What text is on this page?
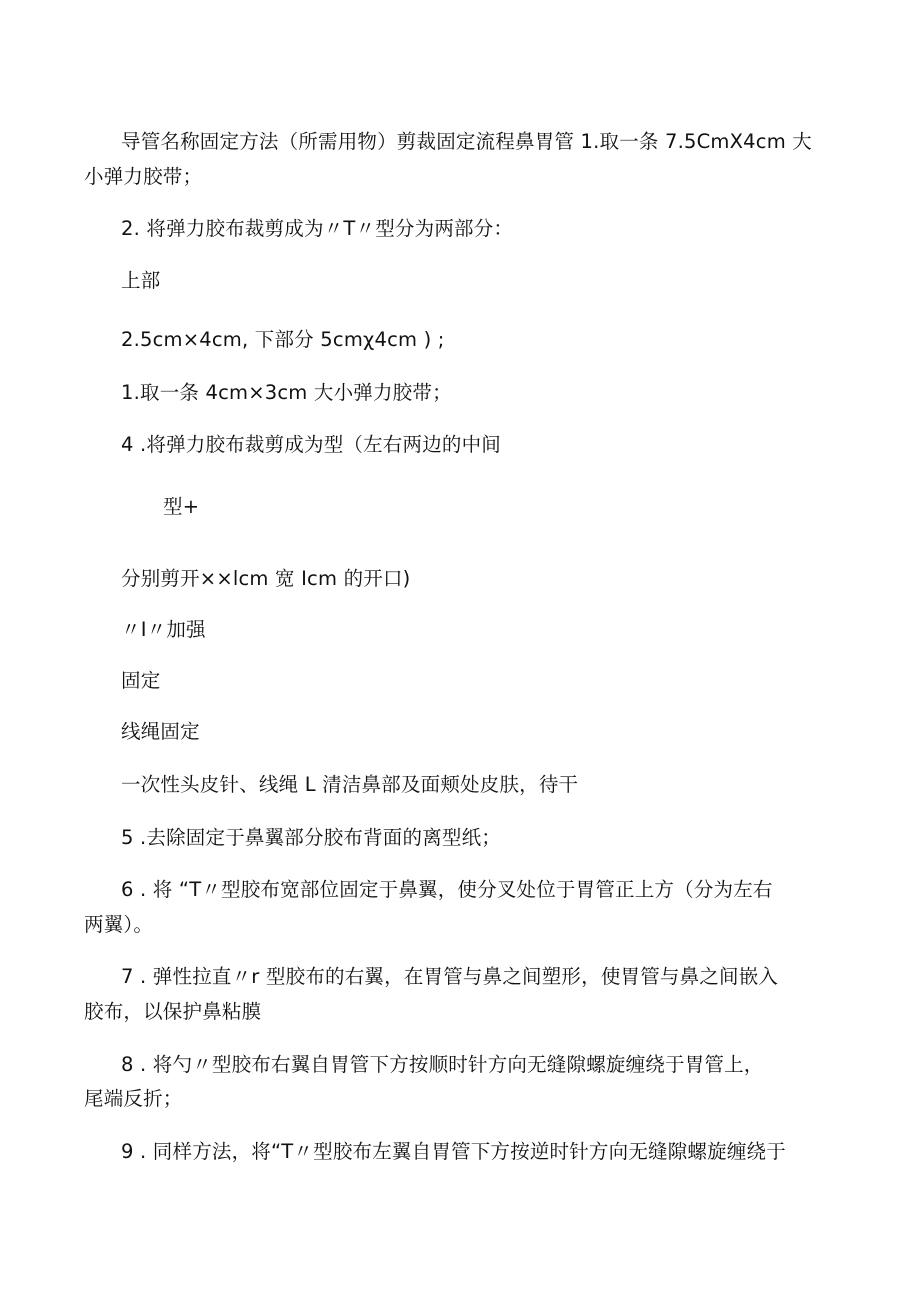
导管名称固定方法（所需用物）剪裁固定流程鼻胃管 1.取一条 7.5CmX4cm 大
小弹力胶带；
2. 将弹力胶布裁剪成为〃T〃型分为两部分：
上部
2.5cm×4cm, 下部分 5cmχ4cm ) ;
1.取一条 4cm×3cm 大小弹力胶带；
4 .将弹力胶布裁剪成为型（左右两边的中间
型+
分别剪开××lcm 宽 Icm 的开口)
〃I〃加强
固定
线绳固定
一次性头皮针、线绳 L 清洁鼻部及面颊处皮肤，待干
5 .去除固定于鼻翼部分胶布背面的离型纸；
6 . 将 “T〃型胶布宽部位固定于鼻翼，使分叉处位于胃管正上方（分为左右
两翼）。
7 . 弹性拉直〃r 型胶布的右翼，在胃管与鼻之间塑形，使胃管与鼻之间嵌入
胶布，以保护鼻粘膜
8 . 将勺〃型胶布右翼自胃管下方按顺时针方向无缝隙螺旋缠绕于胃管上，
尾端反折；
9 . 同样方法，将“T〃型胶布左翼自胃管下方按逆时针方向无缝隙螺旋缠绕于
